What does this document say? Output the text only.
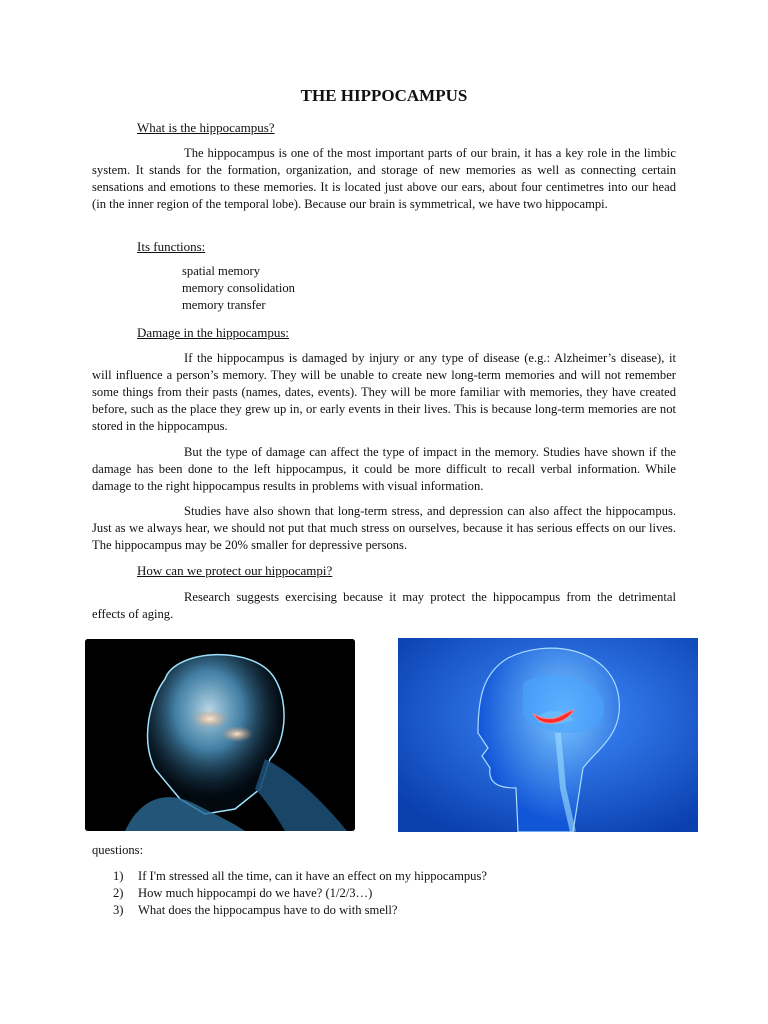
THE HIPPOCAMPUS
What is the hippocampus?

The hippocampus is one of the most important parts of our brain, it has a key role in the limbic system. It stands for the formation, organization, and storage of new memories as well as connecting certain sensations and emotions to these memories. It is located just above our ears, about four centimetres into our head (in the inner region of the temporal lobe). Because our brain is symmetrical, we have two hippocampi.

Its functions:
spatial memory
memory consolidation
memory transfer
Damage in the hippocampus:

If the hippocampus is damaged by injury or any type of disease (e.g.: Alzheimer’s disease), it will influence a person’s memory. They will be unable to create new long-term memories and will not remember some things from their pasts (names, dates, events). They will be more familiar with memories, they have created before, such as the place they grew up in, or early events in their lives. This is because long-term memories are not stored in the hippocampus.

But the type of damage can affect the type of impact in the memory. Studies have shown if the damage has been done to the left hippocampus, it could be more difficult to recall verbal information. While damage to the right hippocampus results in problems with visual information.

Studies have also shown that long-term stress, and depression can also affect the hippocampus. Just as we always hear, we should not put that much stress on ourselves, because it has serious effects on our lives. The hippocampus may be 20% smaller for depressive persons.

How can we protect our hippocampi?

Research suggests exercising because it may protect the hippocampus from the detrimental effects of aging.

questions:
1) If I'm stressed all the time, can it have an effect on my hippocampus?
2) How much hippocampi do we have? (1/2/3…)
3) What does the hippocampus have to do with smell?
